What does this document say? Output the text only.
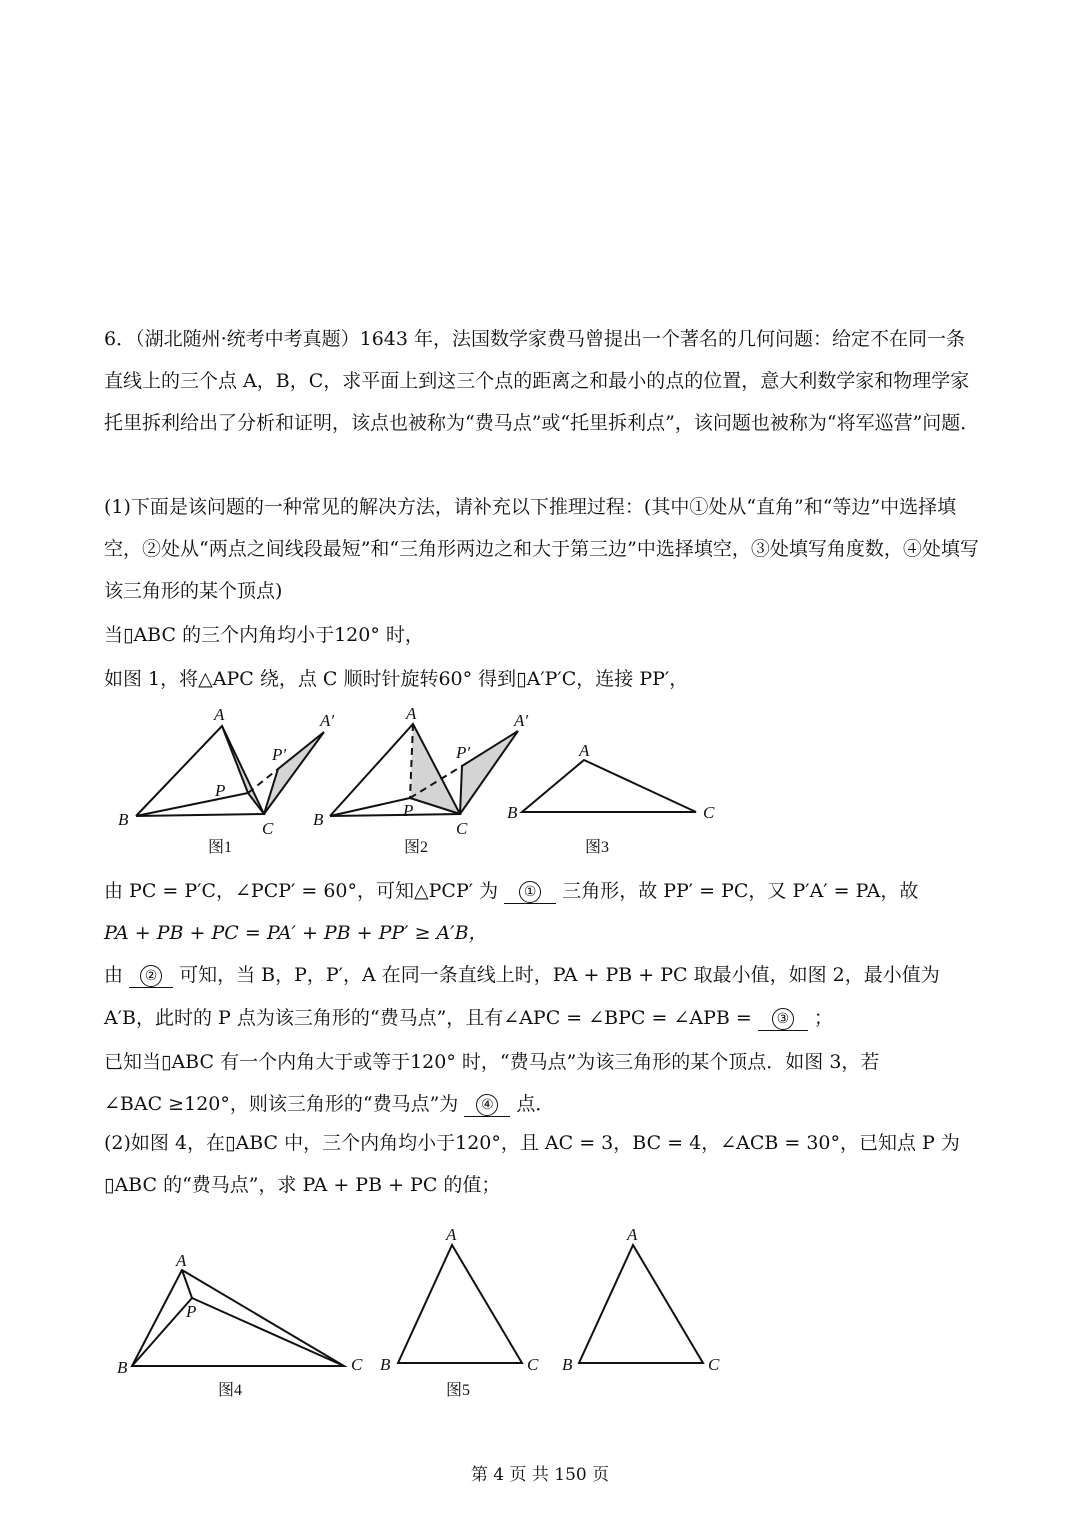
6．（湖北随州·统考中考真题）1643 年，法国数学家费马曾提出一个著名的几何问题：给定不在同一条直线上的三个点 A，B，C，求平面上到这三个点的距离之和最小的点的位置，意大利数学家和物理学家托里拆利给出了分析和证明，该点也被称为“费马点”或“托里拆利点”，该问题也被称为“将军巡营”问题．

(1)下面是该问题的一种常见的解决方法，请补充以下推理过程：(其中①处从“直角”和“等边”中选择填空，②处从“两点之间线段最短”和“三角形两边之和大于第三边”中选择填空，③处填写角度数，④处填写该三角形的某个顶点)

当▯ABC 的三个内角均小于120° 时，

如图 1，将△APC 绕，点 C 顺时针旋转60° 得到▯A′P′C，连接 PP′，

由 PC = P′C，∠PCP′ = 60°，可知△PCP′ 为 ① 三角形，故 PP′ = PC，又 P′A′ = PA，故

PA + PB + PC = PA′ + PB + PP′ ≥ A′B，

由 ② 可知，当 B，P，P′，A 在同一条直线上时，PA + PB + PC 取最小值，如图 2，最小值为

A′B，此时的 P 点为该三角形的“费马点”，且有∠APC = ∠BPC = ∠APB = ③ ；

已知当▯ABC 有一个内角大于或等于120° 时，“费马点”为该三角形的某个顶点．如图 3，若

∠BAC ≥120°，则该三角形的“费马点”为 ④ 点．

(2)如图 4，在▯ABC 中，三个内角均小于120°，且 AC = 3，BC = 4，∠ACB = 30°，已知点 P 为▯ABC 的“费马点”，求 PA + PB + PC 的值；

A
B	C
P
P′
A′	A
B	C
P
P′
A′
A
B	C
A
B	C
P
A
B	C
A
B	C
图1	图2	图3
图4	图5
第 4 页 共 150 页
